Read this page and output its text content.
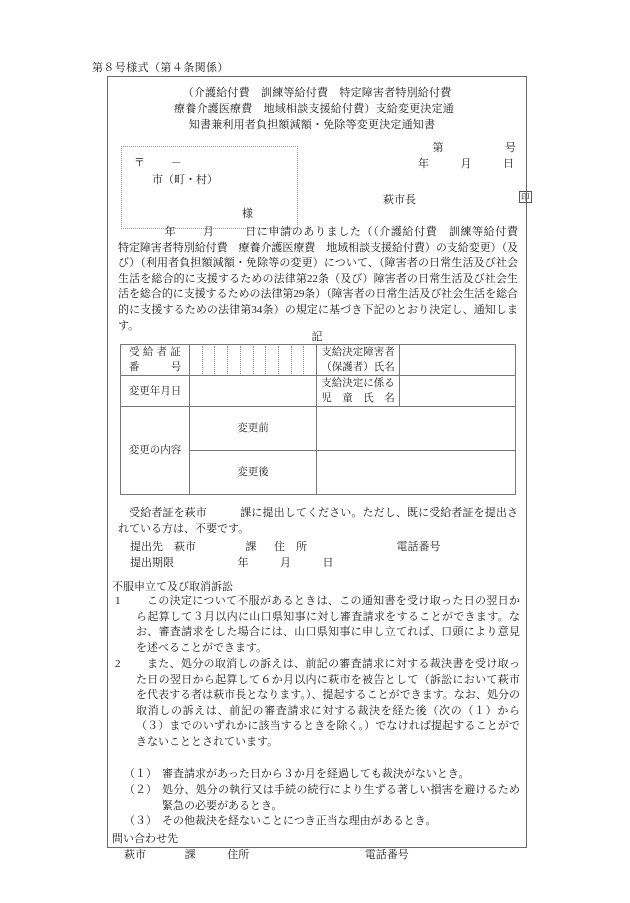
第８号様式（第４条関係）
（介護給付費　訓練等給付費　特定障害者特別給付費
療養介護医療費　地域相談支援給付費）支給変更決定通
知書兼利用者負担額減額・免除等変更決定通知書
第	号
年	月	日
〒 －
市（町・村）
様
萩市長	印
年 月	日に申請のありました（（介護給付費　訓練等給付費　特定障害者特別給付費　療養介護医療費　地域相談支援給付費）の支給変更）（及び）（利用者負担額減額・免除等の変更）について、（障害者の日常生活及び社会生活を総合的に支援するための法律第22条（及び）障害者の日常生活及び社会生活を総合的に支援するための法律第29条）（障害者の日常生活及び社会生活を総合的に支援するための法律第34条）の規定に基づき下記のとおり決定し、通知します。
記
受給者証
番　　　号		支給決定障害者
（保護者）氏名	

変更年月日		支給決定に係る
児　童　氏　名	

変更の内容	変更前		
	変更後		
受給者証を萩市　　　課に提出してください。ただし、既に受給者証を提出されている方は、不要です。
提出先　萩市	課 住　所	電話番号
提出期限	年	月	日
不服申立て及び取消訴訟
1	この決定について不服があるときは、この通知書を受け取った日の翌日から起算して３月以内に山口県知事に対し審査請求をすることができます。なお、審査請求をした場合には、山口県知事に申し立てれば、口頭により意見を述べることができます。
2	また、処分の取消しの訴えは、前記の審査請求に対する裁決書を受け取った日の翌日から起算して６か月以内に萩市を被告として（訴訟において萩市を代表する者は萩市長となります。）、提起することができます。なお、処分の取消しの訴えは、前記の審査請求に対する裁決を経た後（次の（１）から（３）までのいずれかに該当するときを除く。）でなければ提起することができないこととされています。
（１） 審査請求があった日から３か月を経過しても裁決がないとき。
（２） 処分、処分の執行又は手続の続行により生ずる著しい損害を避けるため緊急の必要があるとき。
（３） その他裁決を経ないことにつき正当な理由があるとき。
問い合わせ先
萩市	課	住所	電話番号
